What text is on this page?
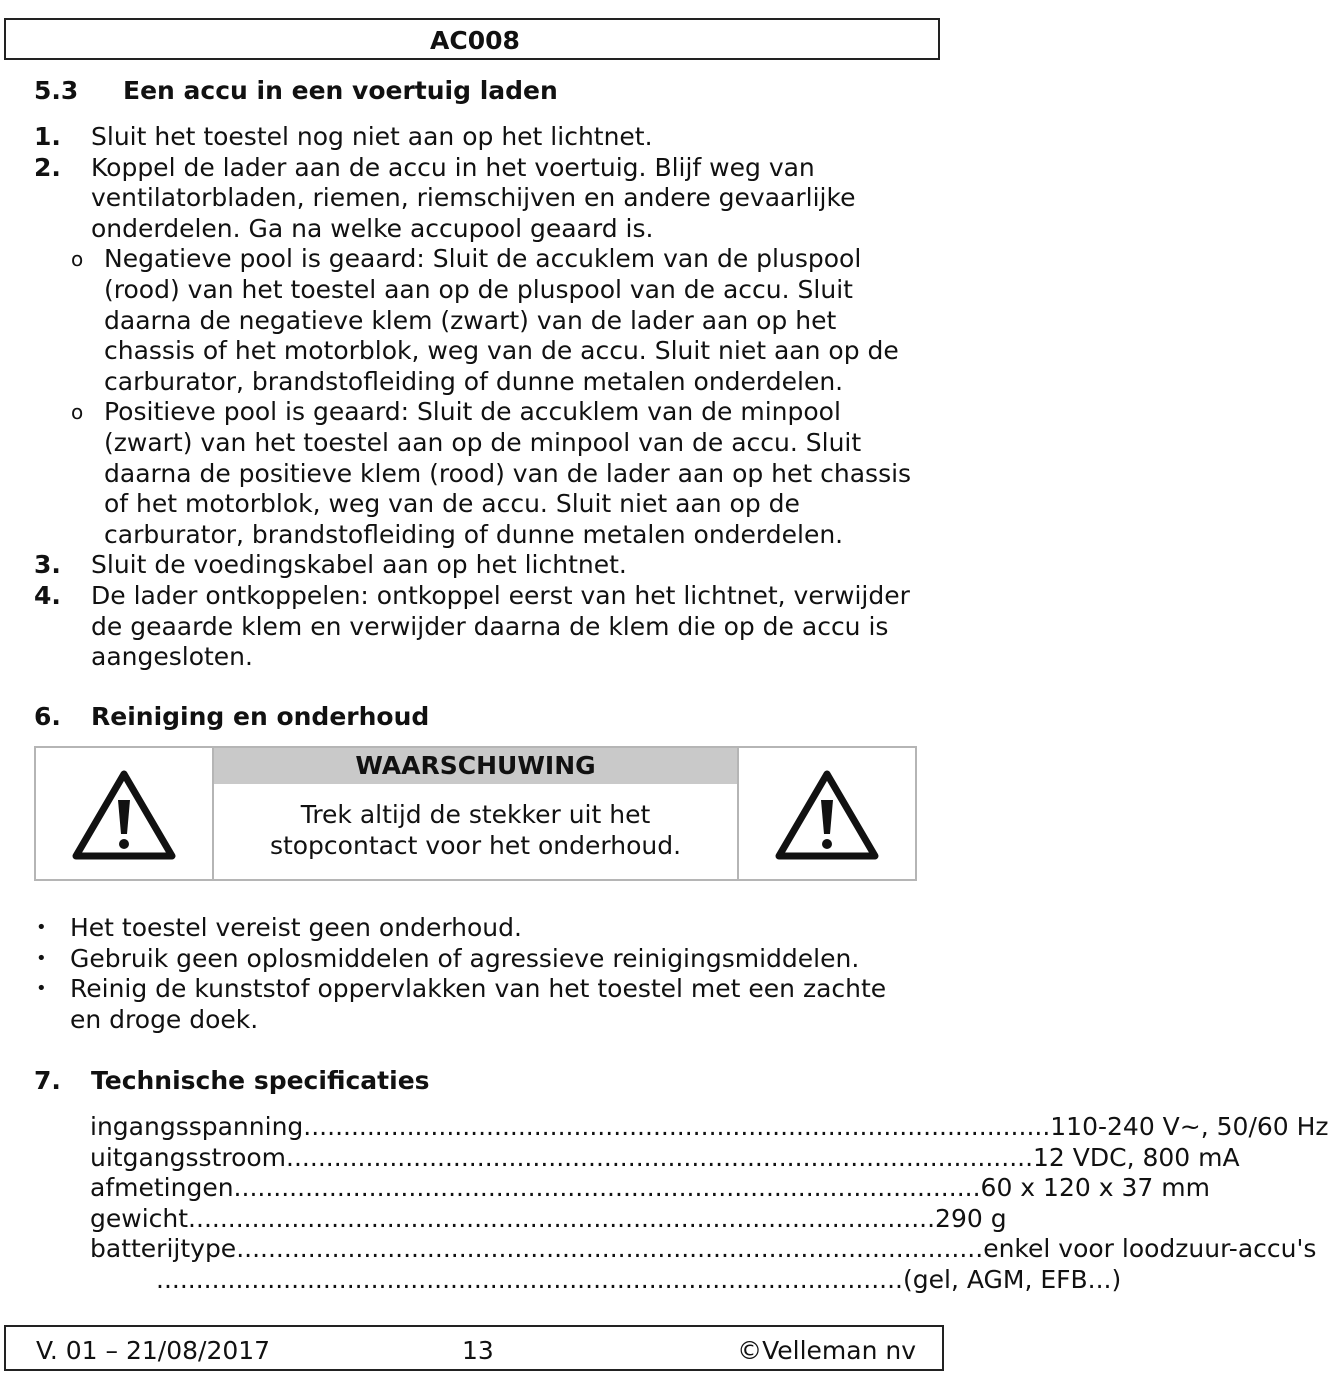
AC008
5.3 Een accu in een voertuig laden
1.	Sluit het toestel nog niet aan op het lichtnet.
2.	Koppel de lader aan de accu in het voertuig. Blijf weg van ventilatorbladen, riemen, riemschijven en andere gevaarlijke onderdelen. Ga na welke accupool geaard is.
o Negatieve pool is geaard: Sluit de accuklem van de pluspool (rood) van het toestel aan op de pluspool van de accu. Sluit daarna de negatieve klem (zwart) van de lader aan op het chassis of het motorblok, weg van de accu. Sluit niet aan op de carburator, brandstofleiding of dunne metalen onderdelen.
o Positieve pool is geaard: Sluit de accuklem van de minpool (zwart) van het toestel aan op de minpool van de accu. Sluit daarna de positieve klem (rood) van de lader aan op het chassis of het motorblok, weg van de accu. Sluit niet aan op de carburator, brandstofleiding of dunne metalen onderdelen.
3.	Sluit de voedingskabel aan op het lichtnet.
4.	De lader ontkoppelen: ontkoppel eerst van het lichtnet, verwijder de geaarde klem en verwijder daarna de klem die op de accu is aangesloten.
6. Reiniging en onderhoud
WAARSCHUWING
Trek altijd de stekker uit het
stopcontact voor het onderhoud.
• Het toestel vereist geen onderhoud.
• Gebruik geen oplosmiddelen of agressieve reinigingsmiddelen.
• Reinig de kunststof oppervlakken van het toestel met een zachte en droge doek.
7. Technische specificaties
ingangsspanning .............................................................................................. 110-240 V~, 50/60 Hz
uitgangsstroom .............................................................................................. 12 VDC, 800 mA
afmetingen .............................................................................................. 60 x 120 x 37 mm
gewicht .............................................................................................. 290 g
batterijtype .............................................................................................. enkel voor loodzuur-accu's
.............................................................................................. (gel, AGM, EFB...)
V. 01 – 21/08/2017	13	©Velleman nv
